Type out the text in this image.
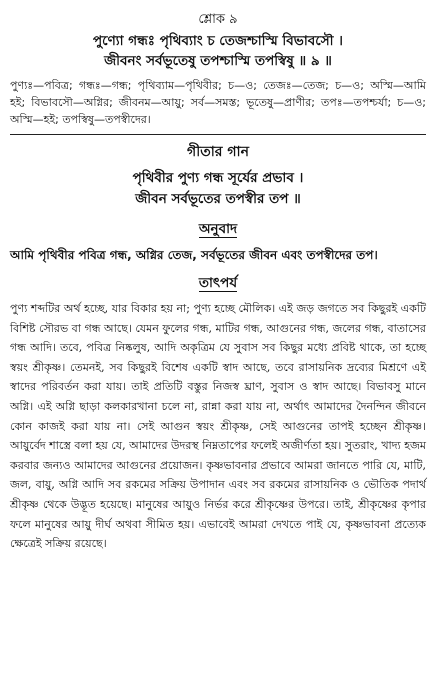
শ্লোক ৯
পুণ্যো গন্ধঃ পৃথিব্যাং চ তেজশ্চাস্মি বিভাবসৌ ।
জীবনং সর্বভূতেষু তপশ্চাস্মি তপস্বিষু ॥ ৯ ॥
পুণ্যঃ—পবিত্র; গন্ধঃ—গন্ধ; পৃথিব্যাম—পৃথিবীর; চ—ও; তেজঃ—তেজ; চ—ও; অস্মি—আমি হই; বিভাবসৌ—অগ্নির; জীবনম—আয়ু; সর্ব—সমস্ত; ভূতেষু—প্রাণীর; তপঃ—তপশ্চর্যা; চ—ও; অস্মি—হই; তপস্বিষু—তপস্বীদের।
গীতার গান
পৃথিবীর পুণ্য গন্ধ সূর্যের প্রভাব ।
জীবন সর্বভূতের তপস্বীর তপ ॥
অনুবাদ
আমি পৃথিবীর পবিত্র গন্ধ, অগ্নির তেজ, সর্বভূতের জীবন এবং তপস্বীদের তপ।
তাৎপর্য

পুণ্য শব্দটির অর্থ হচ্ছে, যার বিকার হয় না; পুণ্য হচ্ছে মৌলিক। এই জড় জগতে সব কিছুরই একটি বিশিষ্ট সৌরভ বা গন্ধ আছে। যেমন ফুলের গন্ধ, মাটির গন্ধ, আগুনের গন্ধ, জলের গন্ধ, বাতাসের গন্ধ আদি। তবে, পবিত্র নিষ্কলুষ, আদি অকৃত্রিম যে সুবাস সব কিছুর মধ্যে প্রবিষ্ট থাকে, তা হচ্ছে স্বয়ং শ্রীকৃষ্ণ। তেমনই, সব কিছুরই বিশেষ একটি স্বাদ আছে, তবে রাসায়নিক দ্রব্যের মিশ্রণে এই স্বাদের পরিবর্তন করা যায়। তাই প্রতিটি বস্তুর নিজস্ব ঘ্রাণ, সুবাস ও স্বাদ আছে। বিভাবসু মানে অগ্নি। এই অগ্নি ছাড়া কলকারখানা চলে না, রান্না করা যায় না, অর্থাৎ আমাদের দৈনন্দিন জীবনে কোন কাজই করা যায় না। সেই আগুন স্বয়ং শ্রীকৃষ্ণ, সেই আগুনের তাপই হচ্ছেন শ্রীকৃষ্ণ। আয়ুর্বেদ শাস্ত্রে বলা হয় যে, আমাদের উদরস্থ নিম্নতাপের ফলেই অজীর্ণতা হয়। সুতরাং, খাদ্য হজম করবার জন্যও আমাদের আগুনের প্রয়োজন। কৃষ্ণভাবনার প্রভাবে আমরা জানতে পারি যে, মাটি, জল, বায়ু, অগ্নি আদি সব রকমের সক্রিয় উপাদান এবং সব রকমের রাসায়নিক ও ভৌতিক পদার্থ শ্রীকৃষ্ণ থেকে উদ্ভূত হয়েছে। মানুষের আয়ুও নির্ভর করে শ্রীকৃষ্ণের উপরে। তাই, শ্রীকৃষ্ণের কৃপার ফলে মানুষের আয়ু দীর্ঘ অথবা সীমিত হয়। এভাবেই আমরা দেখতে পাই যে, কৃষ্ণভাবনা প্রত্যেক ক্ষেত্রেই সক্রিয় রয়েছে।
